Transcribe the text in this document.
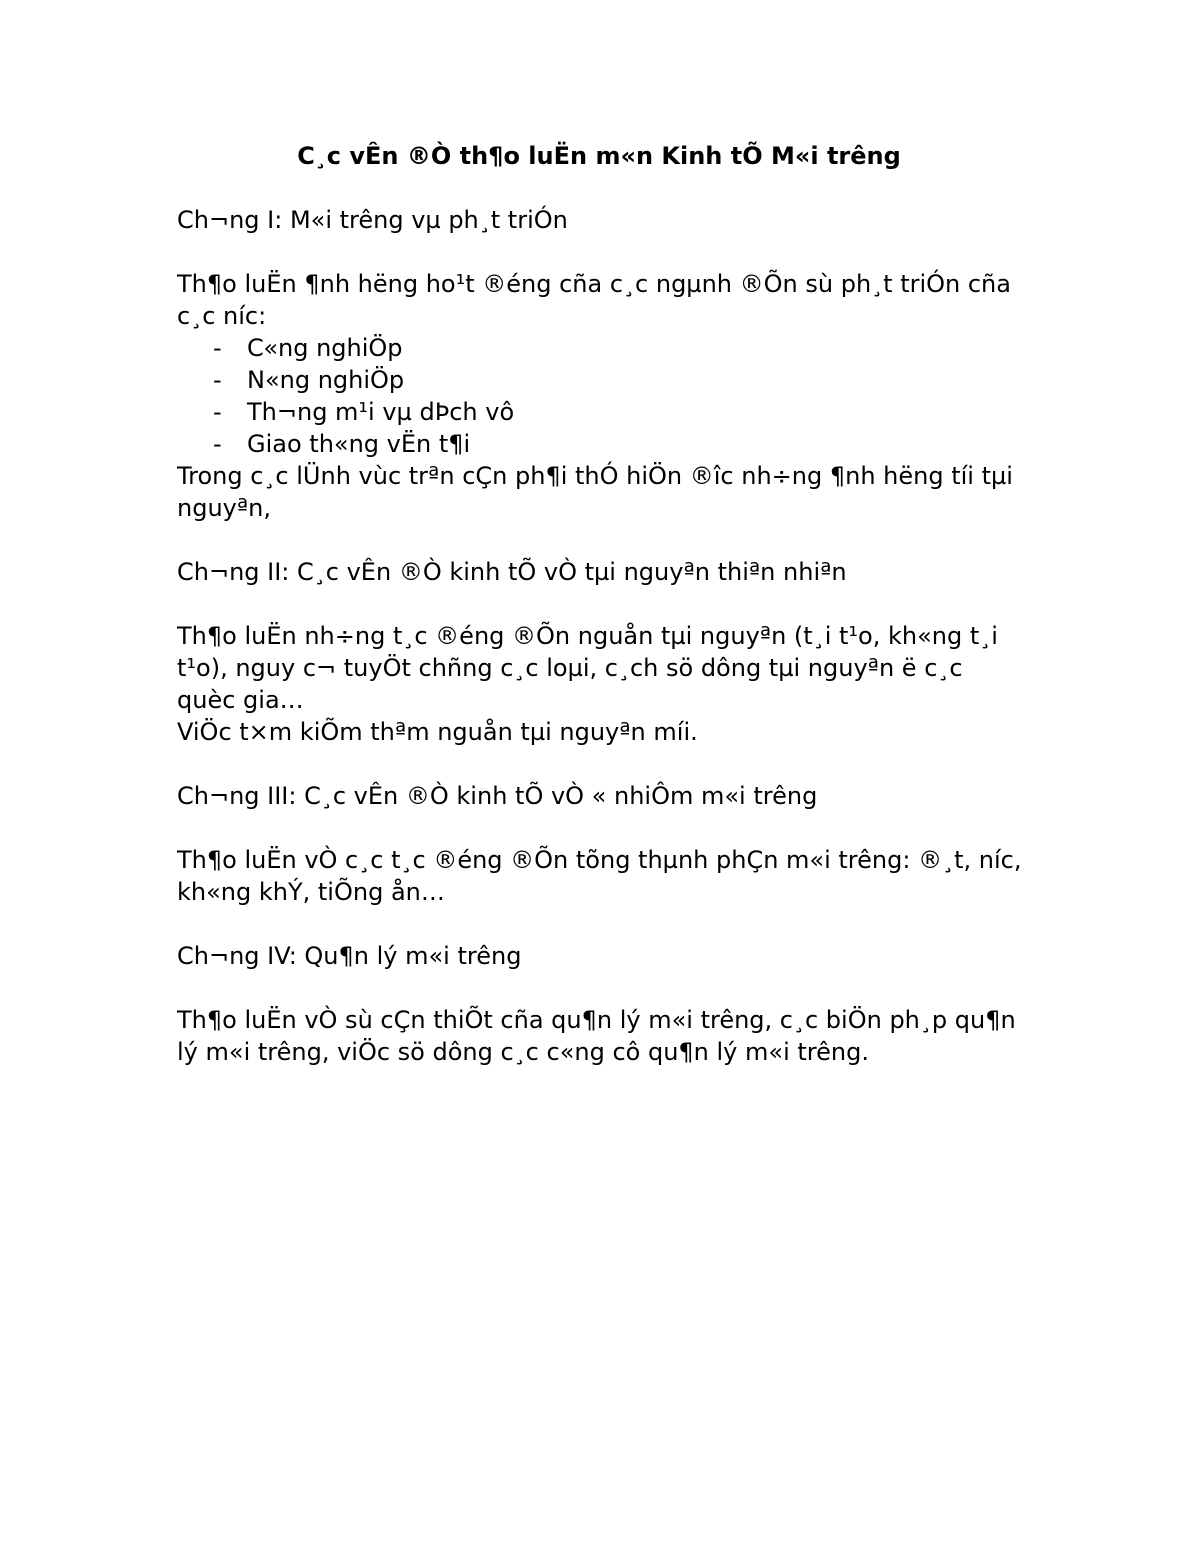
C¸c vÊn ®Ò th¶o luËn m«n Kinh tÕ M«i trêng
Ch¬ng I: M«i trêng vµ ph¸t triÓn
Th¶o luËn ¶nh hëng ho¹t ®éng cña c¸c ngµnh ®Õn sù ph¸t triÓn cña c¸c níc:
- C«ng nghiÖp
- N«ng nghiÖp
- Th¬ng m¹i vµ dÞch vô
- Giao th«ng vËn t¶i
Trong c¸c lÜnh vùc trªn cÇn ph¶i thÓ hiÖn ®îc nh÷ng ¶nh hëng tíi tµi nguyªn,
Ch¬ng II: C¸c vÊn ®Ò kinh tÕ vÒ tµi nguyªn thiªn nhiªn
Th¶o luËn nh÷ng t¸c ®éng ®Õn nguån tµi nguyªn (t¸i t¹o, kh«ng t¸i t¹o), nguy c¬ tuyÖt chñng c¸c loµi, c¸ch sö dông tµi nguyªn ë c¸c quèc gia…
ViÖc t×m kiÕm thªm nguån tµi nguyªn míi.
Ch¬ng III: C¸c vÊn ®Ò kinh tÕ vÒ « nhiÔm m«i trêng
Th¶o luËn vÒ c¸c t¸c ®éng ®Õn tõng thµnh phÇn m«i trêng: ®¸t, níc, kh«ng khÝ, tiÕng ån…
Ch¬ng IV: Qu¶n lý m«i trêng
Th¶o luËn vÒ sù cÇn thiÕt cña qu¶n lý m«i trêng, c¸c biÖn ph¸p qu¶n lý m«i trêng, viÖc sö dông c¸c c«ng cô qu¶n lý m«i trêng.
